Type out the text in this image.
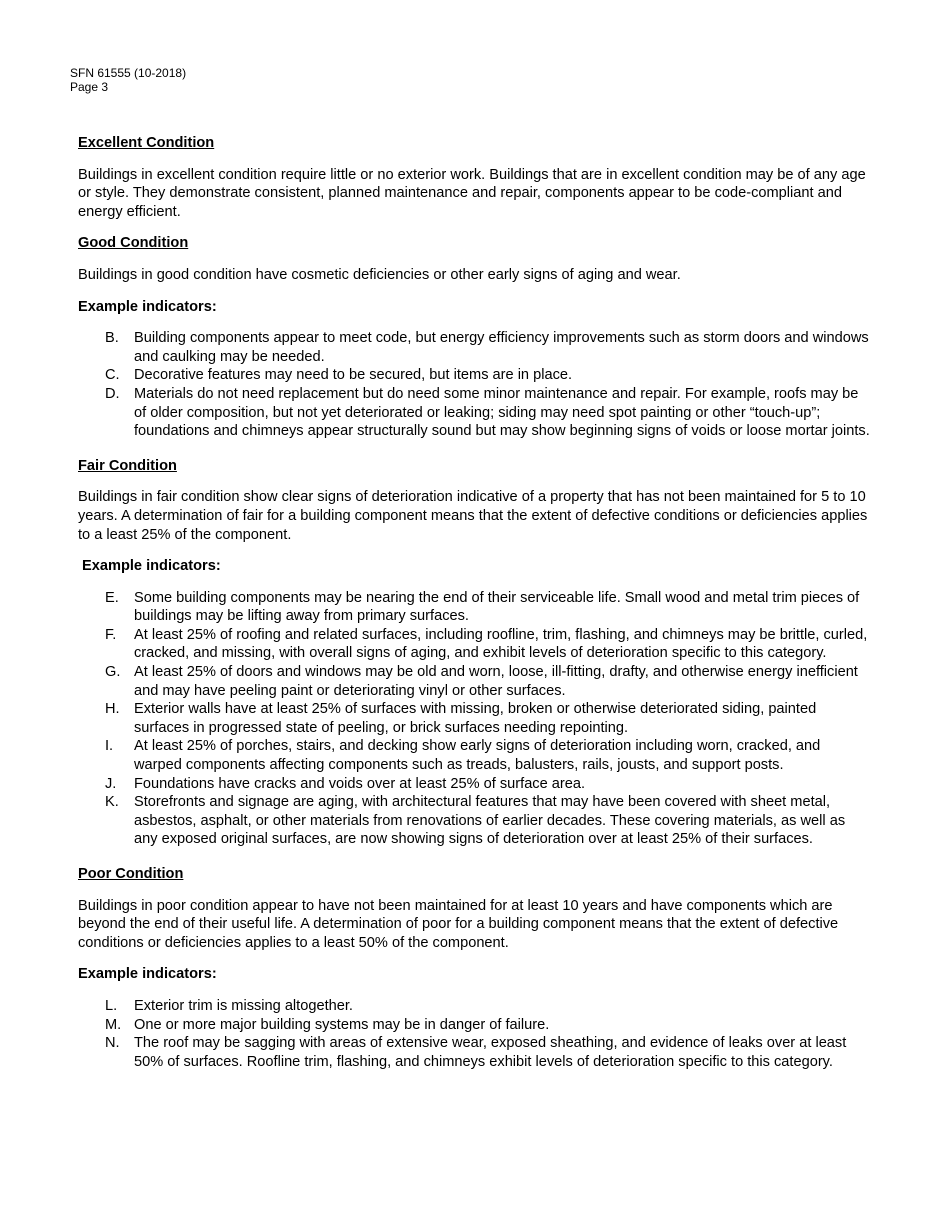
SFN 61555 (10-2018)
Page 3
Excellent Condition
Buildings in excellent condition require little or no exterior work. Buildings that are in excellent condition may be of any age or style. They demonstrate consistent, planned maintenance and repair, components appear to be code-compliant and energy efficient.
Good Condition
Buildings in good condition have cosmetic deficiencies or other early signs of aging and wear.
Example indicators:
B. Building components appear to meet code, but energy efficiency improvements such as storm doors and windows and caulking may be needed.
C. Decorative features may need to be secured, but items are in place.
D. Materials do not need replacement but do need some minor maintenance and repair. For example, roofs may be of older composition, but not yet deteriorated or leaking; siding may need spot painting or other “touch-up”; foundations and chimneys appear structurally sound but may show beginning signs of voids or loose mortar joints.
Fair Condition
Buildings in fair condition show clear signs of deterioration indicative of a property that has not been maintained for 5 to 10 years. A determination of fair for a building component means that the extent of defective conditions or deficiencies applies to a least 25% of the component.
Example indicators:
E. Some building components may be nearing the end of their serviceable life. Small wood and metal trim pieces of buildings may be lifting away from primary surfaces.
F. At least 25% of roofing and related surfaces, including roofline, trim, flashing, and chimneys may be brittle, curled, cracked, and missing, with overall signs of aging, and exhibit levels of deterioration specific to this category.
G. At least 25% of doors and windows may be old and worn, loose, ill-fitting, drafty, and otherwise energy inefficient and may have peeling paint or deteriorating vinyl or other surfaces.
H. Exterior walls have at least 25% of surfaces with missing, broken or otherwise deteriorated siding, painted surfaces in progressed state of peeling, or brick surfaces needing repointing.
I. At least 25% of porches, stairs, and decking show early signs of deterioration including worn, cracked, and warped components affecting components such as treads, balusters, rails, jousts, and support posts.
J. Foundations have cracks and voids over at least 25% of surface area.
K. Storefronts and signage are aging, with architectural features that may have been covered with sheet metal, asbestos, asphalt, or other materials from renovations of earlier decades. These covering materials, as well as any exposed original surfaces, are now showing signs of deterioration over at least 25% of their surfaces.
Poor Condition
Buildings in poor condition appear to have not been maintained for at least 10 years and have components which are beyond the end of their useful life. A determination of poor for a building component means that the extent of defective conditions or deficiencies applies to a least 50% of the component.
Example indicators:
L. Exterior trim is missing altogether.
M. One or more major building systems may be in danger of failure.
N. The roof may be sagging with areas of extensive wear, exposed sheathing, and evidence of leaks over at least 50% of surfaces. Roofline trim, flashing, and chimneys exhibit levels of deterioration specific to this category.
